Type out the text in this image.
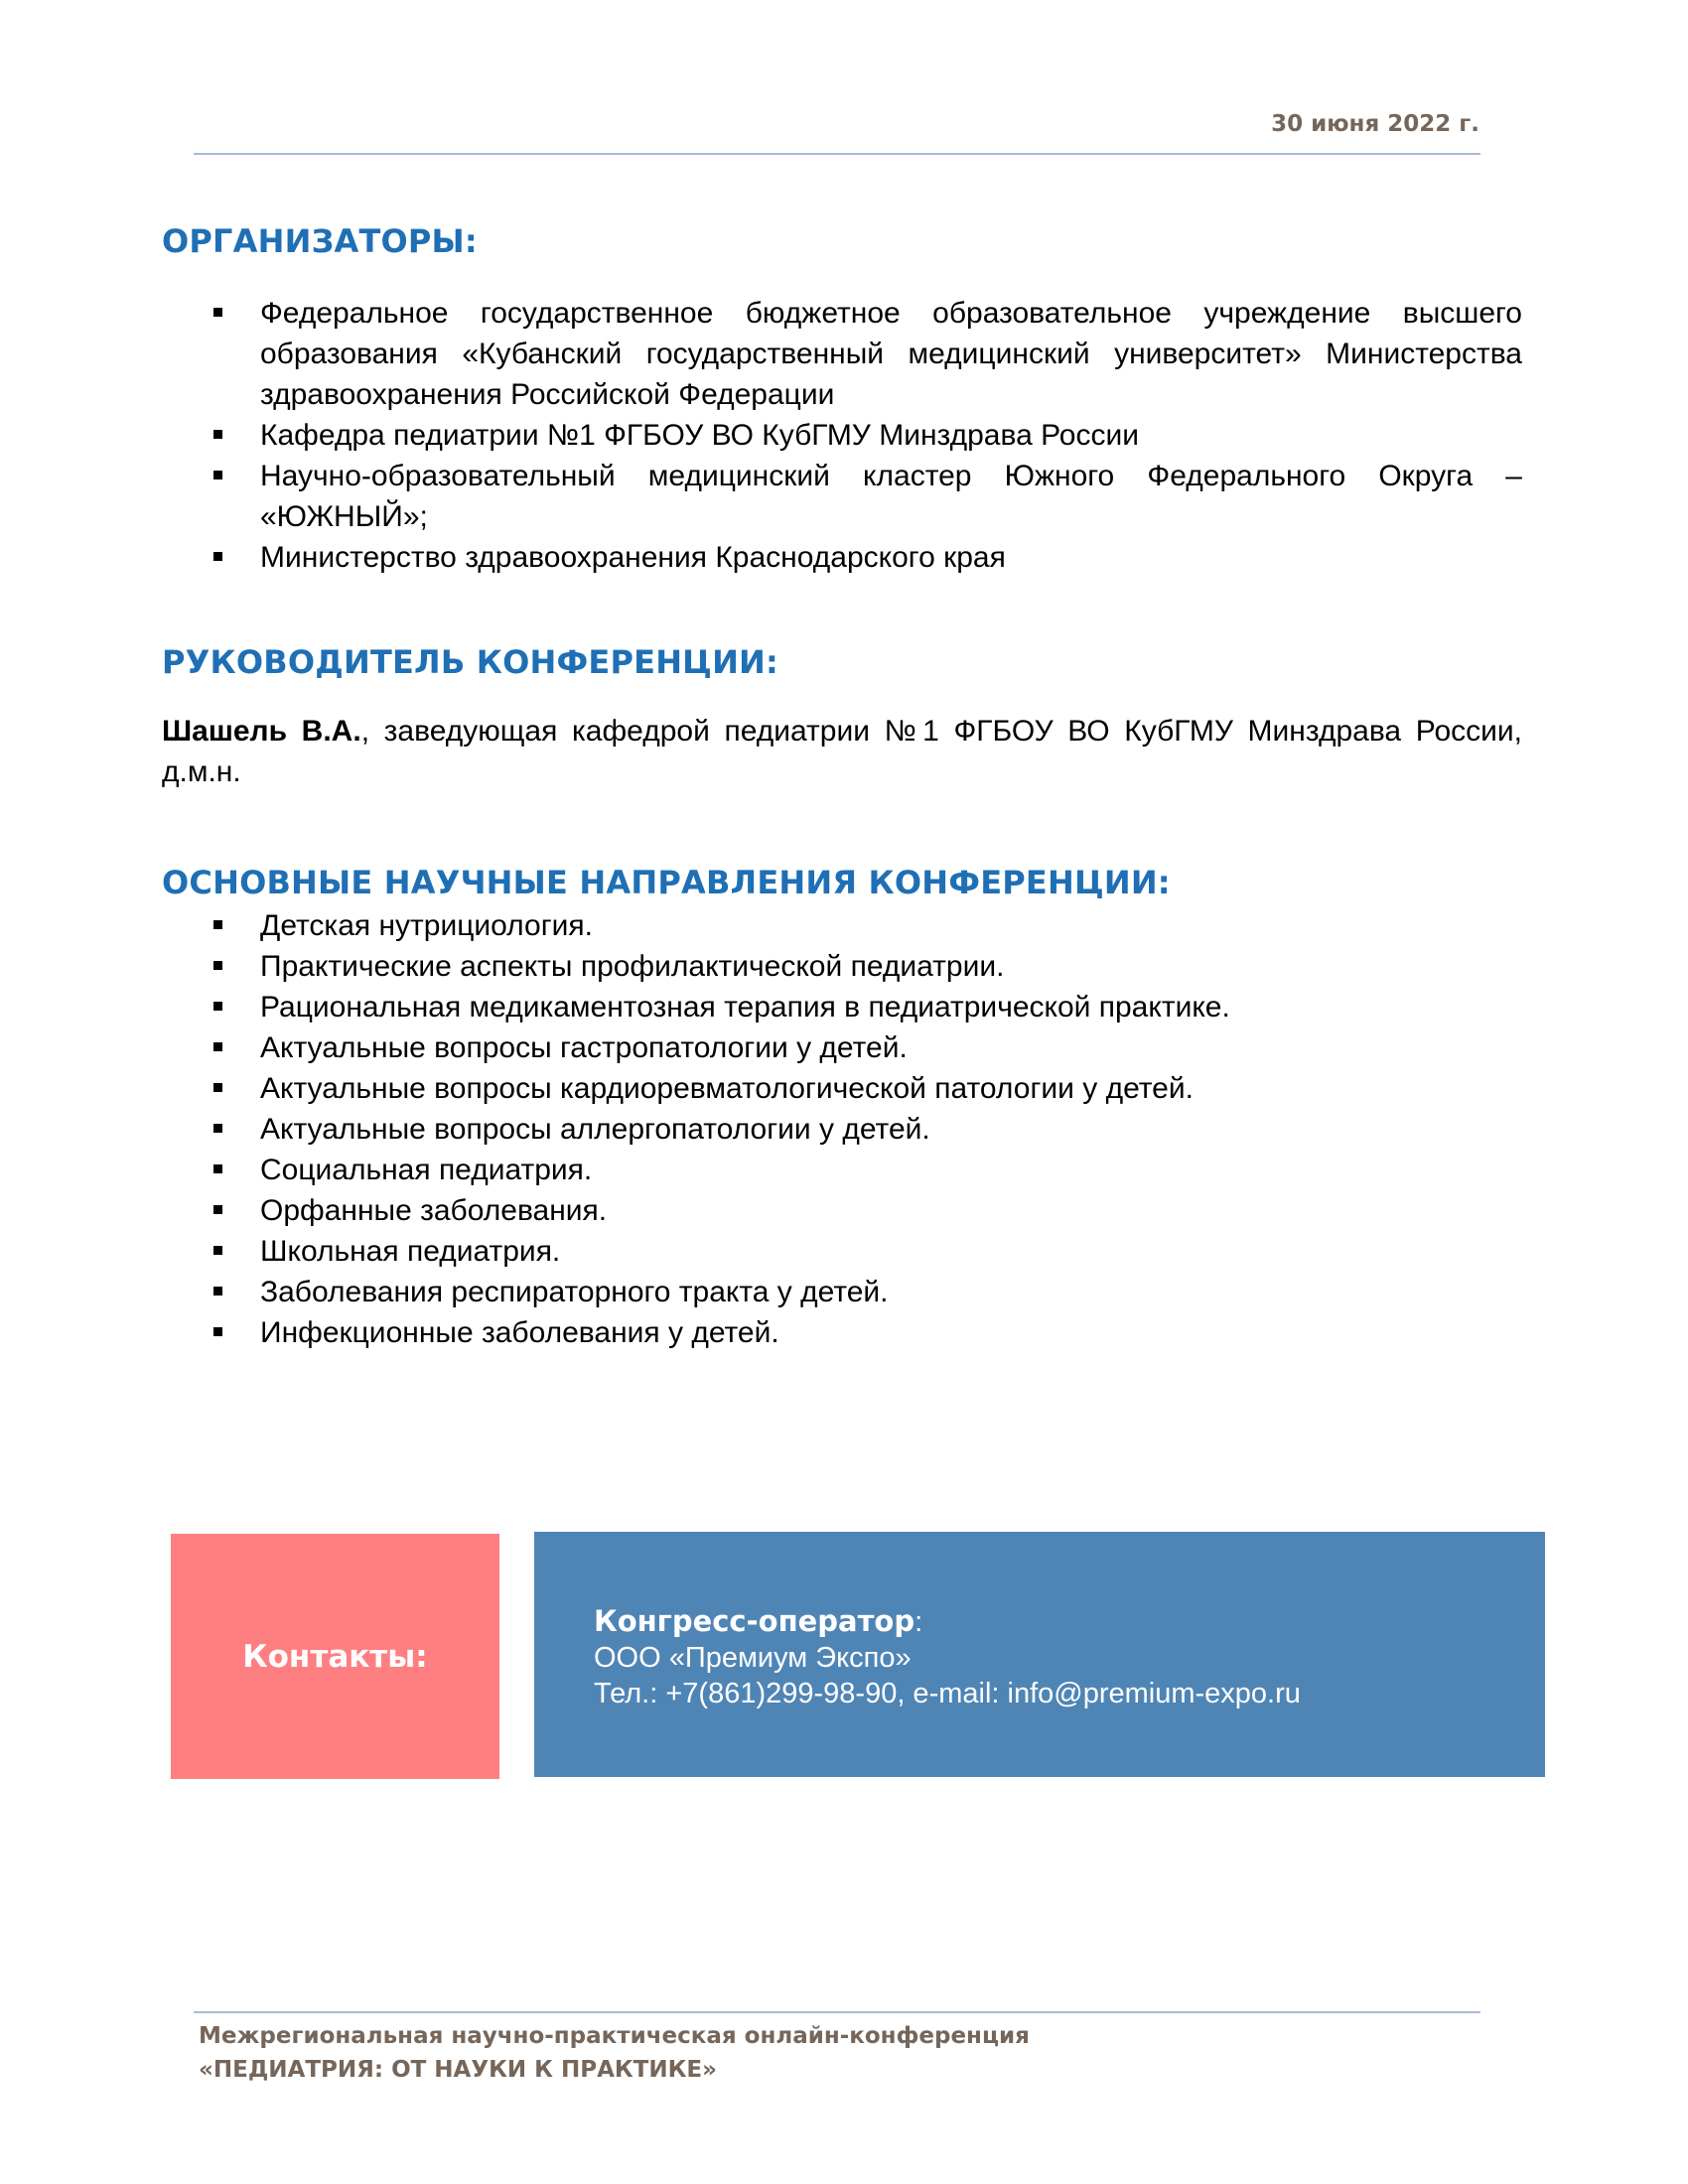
30 июня 2022 г.
ОРГАНИЗАТОРЫ:
Федеральное государственное бюджетное образовательное учреждение высшего образования «Кубанский государственный медицинский университет» Министерства здравоохранения Российской Федерации
Кафедра педиатрии №1 ФГБОУ ВО КубГМУ Минздрава России
Научно-образовательный медицинский кластер Южного Федерального Округа – «ЮЖНЫЙ»;
Министерство здравоохранения Краснодарского края
РУКОВОДИТЕЛЬ КОНФЕРЕНЦИИ:

Шашель В.А., заведующая кафедрой педиатрии №1 ФГБОУ ВО КубГМУ Минздрава России, д.м.н.

ОСНОВНЫЕ НАУЧНЫЕ НАПРАВЛЕНИЯ КОНФЕРЕНЦИИ:
Детская нутрициология.
Практические аспекты профилактической педиатрии.
Рациональная медикаментозная терапия в педиатрической практике.
Актуальные вопросы гастропатологии у детей.
Актуальные вопросы кардиоревматологической патологии у детей.
Актуальные вопросы аллергопатологии у детей.
Социальная педиатрия.
Орфанные заболевания.
Школьная педиатрия.
Заболевания респираторного тракта у детей.
Инфекционные заболевания у детей.
Контакты:
Конгресс-оператор:
ООО «Премиум Экспо»
Тел.: +7(861)299-98-90, e-mail: info@premium-expo.ru
Межрегиональная научно-практическая онлайн-конференция
«ПЕДИАТРИЯ: ОТ НАУКИ К ПРАКТИКЕ»
